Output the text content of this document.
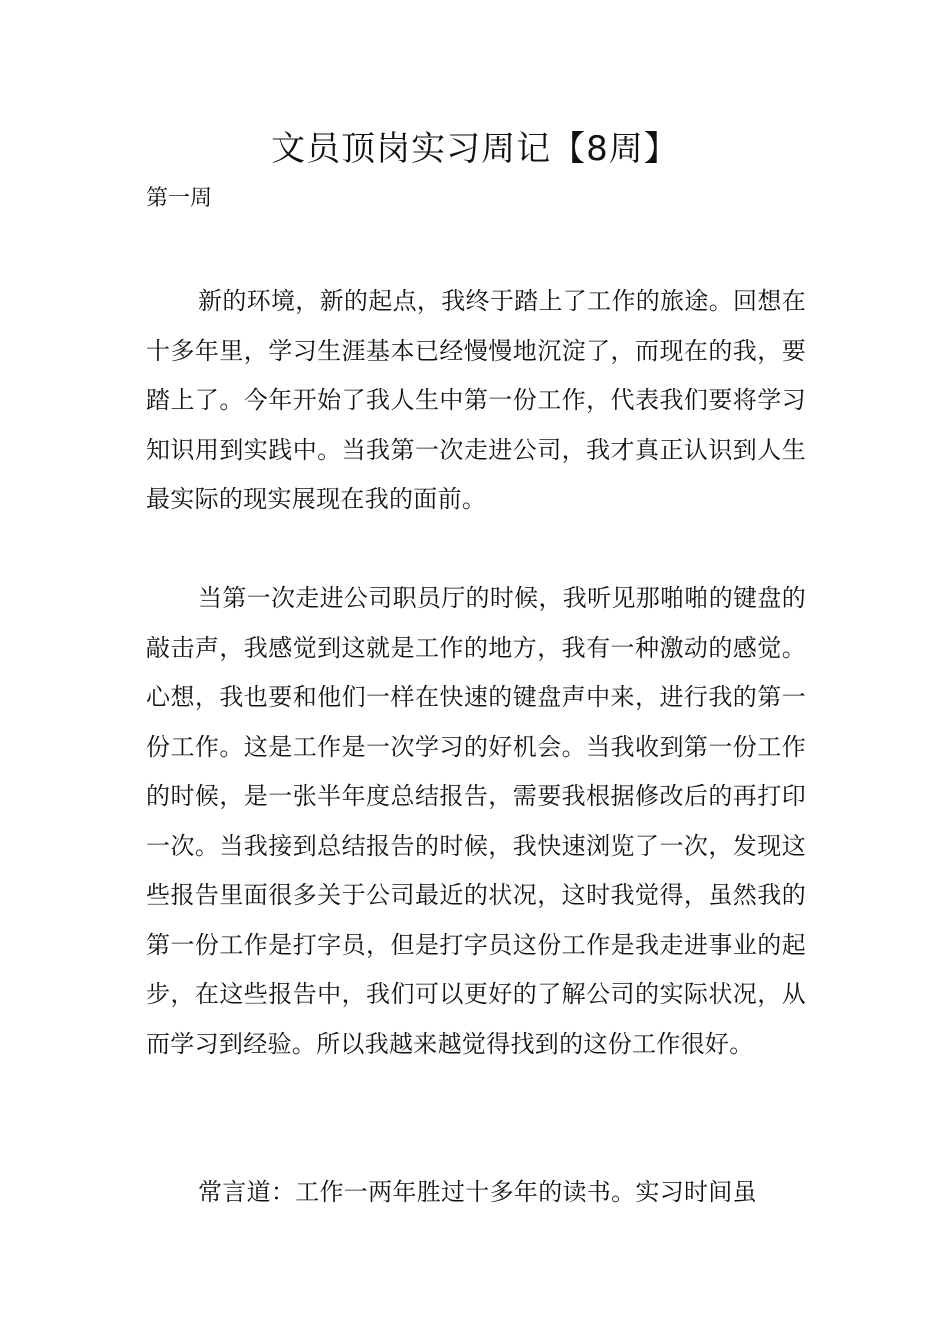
文员顶岗实习周记【8周】
第一周

新的环境，新的起点，我终于踏上了工作的旅途。回想在十多年里，学习生涯基本已经慢慢地沉淀了，而现在的我，要踏上了。今年开始了我人生中第一份工作，代表我们要将学习知识用到实践中。当我第一次走进公司，我才真正认识到人生最实际的现实展现在我的面前。

当第一次走进公司职员厅的时候，我听见那啪啪的键盘的敲击声，我感觉到这就是工作的地方，我有一种激动的感觉。心想，我也要和他们一样在快速的键盘声中来，进行我的第一份工作。这是工作是一次学习的好机会。当我收到第一份工作的时候，是一张半年度总结报告，需要我根据修改后的再打印一次。当我接到总结报告的时候，我快速浏览了一次，发现这些报告里面很多关于公司最近的状况，这时我觉得，虽然我的第一份工作是打字员，但是打字员这份工作是我走进事业的起步，在这些报告中，我们可以更好的了解公司的实际状况，从而学习到经验。所以我越来越觉得找到的这份工作很好。

常言道：工作一两年胜过十多年的读书。实习时间虽
